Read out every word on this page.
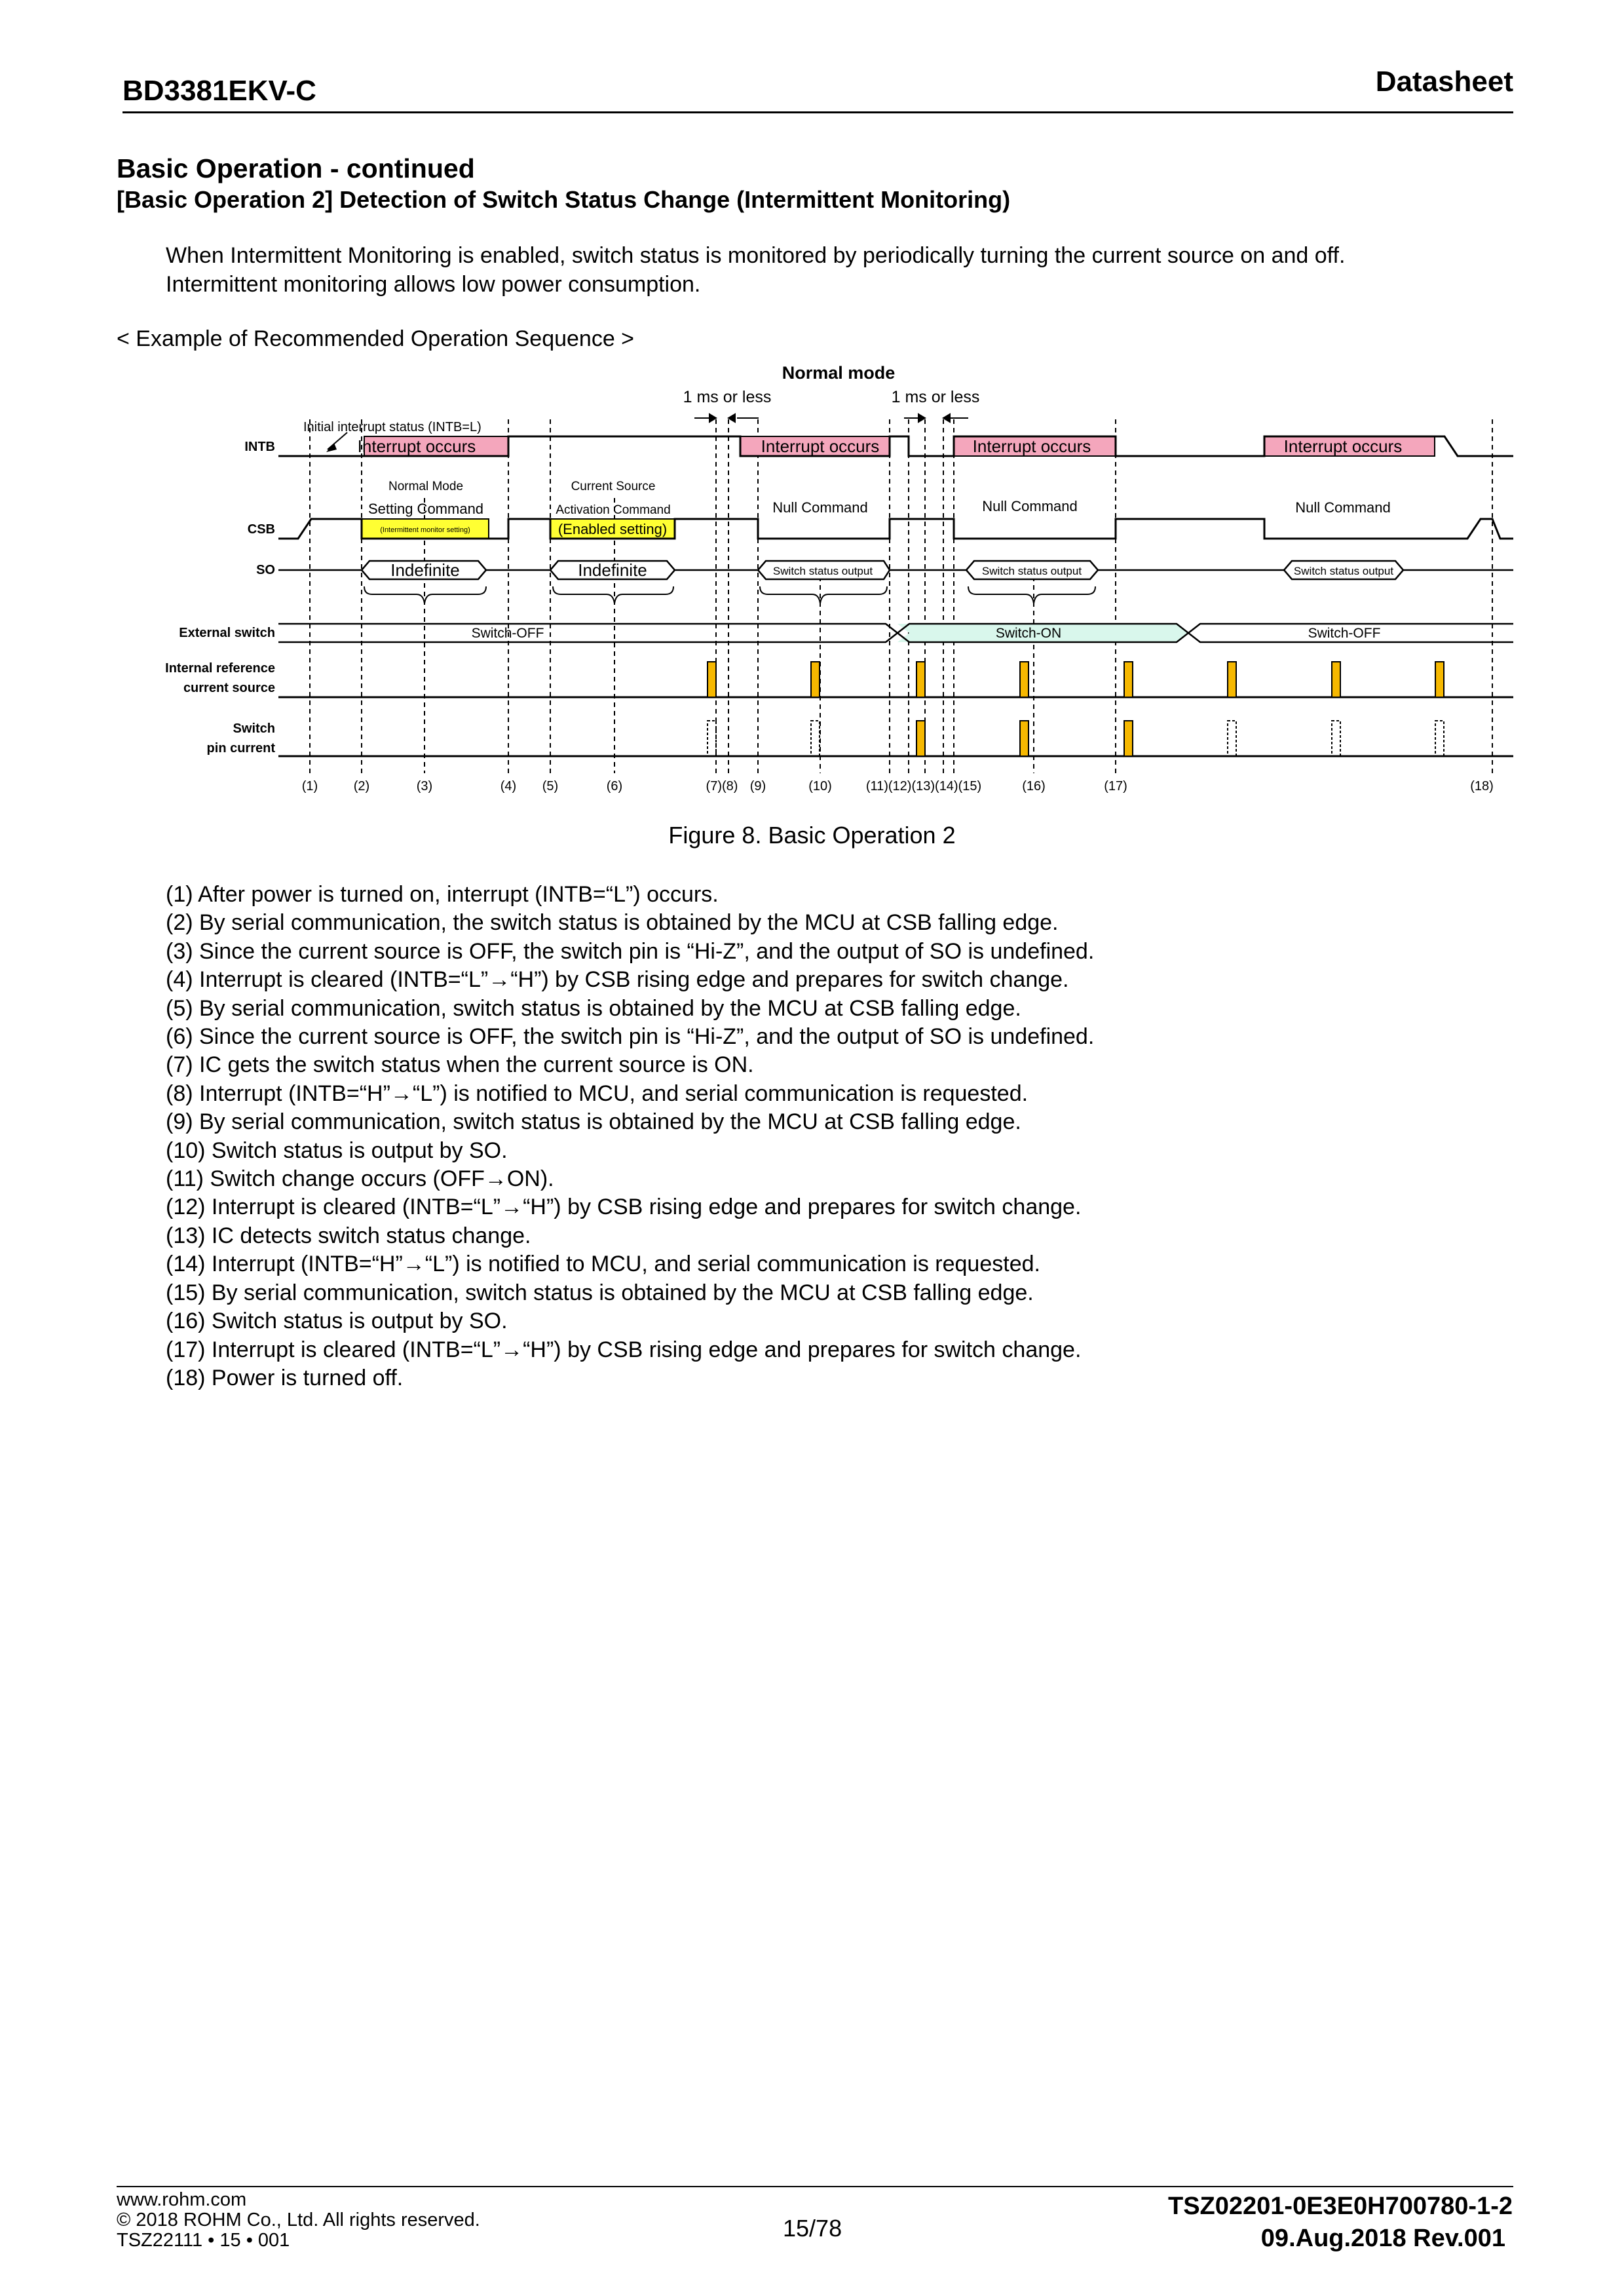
BD3381EKV-C	Datasheet
Basic Operation - continued
[Basic Operation 2] Detection of Switch Status Change (Intermittent Monitoring)
When Intermittent Monitoring is enabled, switch status is monitored by periodically turning the current source on and off.
Intermittent monitoring allows low power consumption.
< Example of Recommended Operation Sequence >
INTB
CSB
SO
External switch
Internal reference
current source
Switch
pin current
Normal mode
1 ms or less	1 ms or less
Initial interrupt status (INTB=L)
Interrupt occurs	Interrupt occurs	Interrupt occurs	Interrupt occurs
Normal Mode
Setting Command
(Intermittent monitor setting)
Current Source
Activation Command
(Enabled setting)
Null Command	Null Command	Null Command
Indefinite	Indefinite	Switch status output	Switch status output	Switch status output
Switch-OFF	Switch-ON	Switch-OFF
(1)	(2)	(3)	(4) (5)	(6)	(7)(8) (9)	(10)	(11)(12)(13)(14)(15)	(16)	(17)	(18)
Figure 8. Basic Operation 2
(1) After power is turned on, interrupt (INTB=“L”) occurs.
(2) By serial communication, the switch status is obtained by the MCU at CSB falling edge.
(3) Since the current source is OFF, the switch pin is “Hi-Z”, and the output of SO is undefined.
(4) Interrupt is cleared (INTB=“L”→“H”) by CSB rising edge and prepares for switch change.
(5) By serial communication, switch status is obtained by the MCU at CSB falling edge.
(6) Since the current source is OFF, the switch pin is “Hi-Z”, and the output of SO is undefined.
(7) IC gets the switch status when the current source is ON.
(8) Interrupt (INTB=“H”→“L”) is notified to MCU, and serial communication is requested.
(9) By serial communication, switch status is obtained by the MCU at CSB falling edge.
(10) Switch status is output by SO.
(11) Switch change occurs (OFF→ON).
(12) Interrupt is cleared (INTB=“L”→“H”) by CSB rising edge and prepares for switch change.
(13) IC detects switch status change.
(14) Interrupt (INTB=“H”→“L”) is notified to MCU, and serial communication is requested.
(15) By serial communication, switch status is obtained by the MCU at CSB falling edge.
(16) Switch status is output by SO.
(17) Interrupt is cleared (INTB=“L”→“H”) by CSB rising edge and prepares for switch change.
(18) Power is turned off.
www.rohm.com
© 2018 ROHM Co., Ltd. All rights reserved.
TSZ22111 • 15 • 001	15/78
TSZ02201-0E3E0H700780-1-2
09.Aug.2018 Rev.001
